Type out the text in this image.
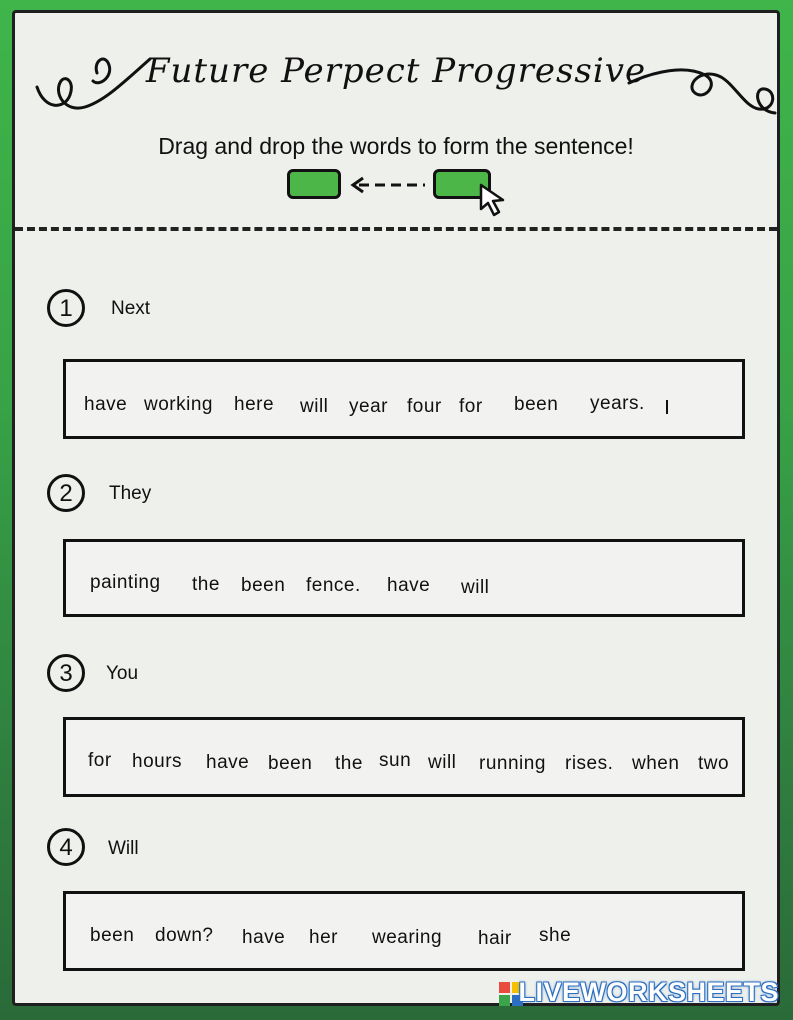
Future Perpect Progressive
Drag and drop the words to form the sentence!
1	Next
have working here will year four for been years.
2	They
painting the been fence. have will
3	You
for hours have been the sun will running rises. when two
4	Will
been down? have her wearing hair she
LIVEWORKSHEETS
